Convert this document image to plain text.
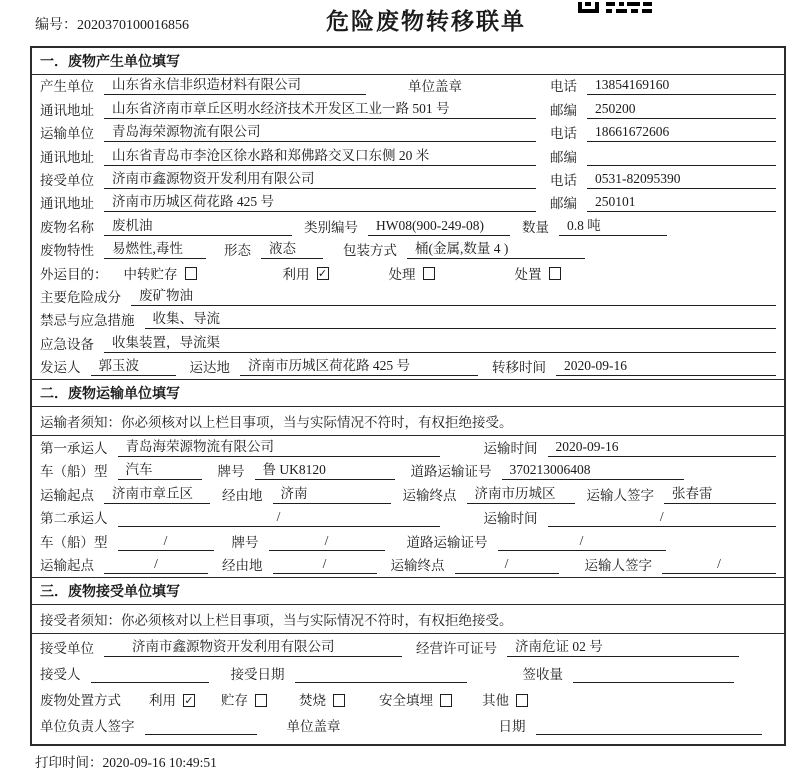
编号：2020370100016856	危险废物转移联单
一．废物产生单位填写
产生单位	山东省永信非织造材料有限公司	单位盖章	电话	13854169160
通讯地址	山东省济南市章丘区明水经济技术开发区工业一路 501 号	邮编	250200
运输单位	青岛海荣源物流有限公司	电话	18661672606
通讯地址	山东省青岛市李沧区徐水路和郑佛路交叉口东侧 20 米	邮编
接受单位	济南市鑫源物资开发利用有限公司	电话	0531-82095390
通讯地址	济南市历城区荷花路 425 号	邮编	250101
废物名称	废机油	类别编号	HW08(900-249-08)	数量	0.8 吨
废物特性	易燃性,毒性	形态	液态	包装方式	桶(金属,数量 4 )
外运目的： 中转贮存	利用 ✓	处理	处置
主要危险成分	废矿物油
禁忌与应急措施	收集、导流
应急设备	收集装置，导流渠
发运人	郭玉波	运达地	济南市历城区荷花路 425 号	转移时间	2020-09-16
二．废物运输单位填写
运输者须知：你必须核对以上栏目事项，当与实际情况不符时，有权拒绝接受。
第一承运人	青岛海荣源物流有限公司	运输时间	2020-09-16
车（船）型	汽车	牌号	鲁 UK8120	道路运输证号	370213006408
运输起点	济南市章丘区	经由地	济南	运输终点	济南市历城区	运输人签字	张春雷
第二承运人	/	运输时间	/
车（船）型	/	牌号	/	道路运输证号	/
运输起点	/	经由地	/	运输终点	/	运输人签字	/
三．废物接受单位填写
接受者须知：你必须核对以上栏目事项，当与实际情况不符时，有权拒绝接受。
接受单位	济南市鑫源物资开发利用有限公司	经营许可证号	济南危证 02 号
接受人	接受日期	签收量
废物处置方式 利用 ✓ 贮存	焚烧	安全填埋	其他
单位负责人签字	单位盖章	日期
打印时间：2020-09-16 10:49:51
